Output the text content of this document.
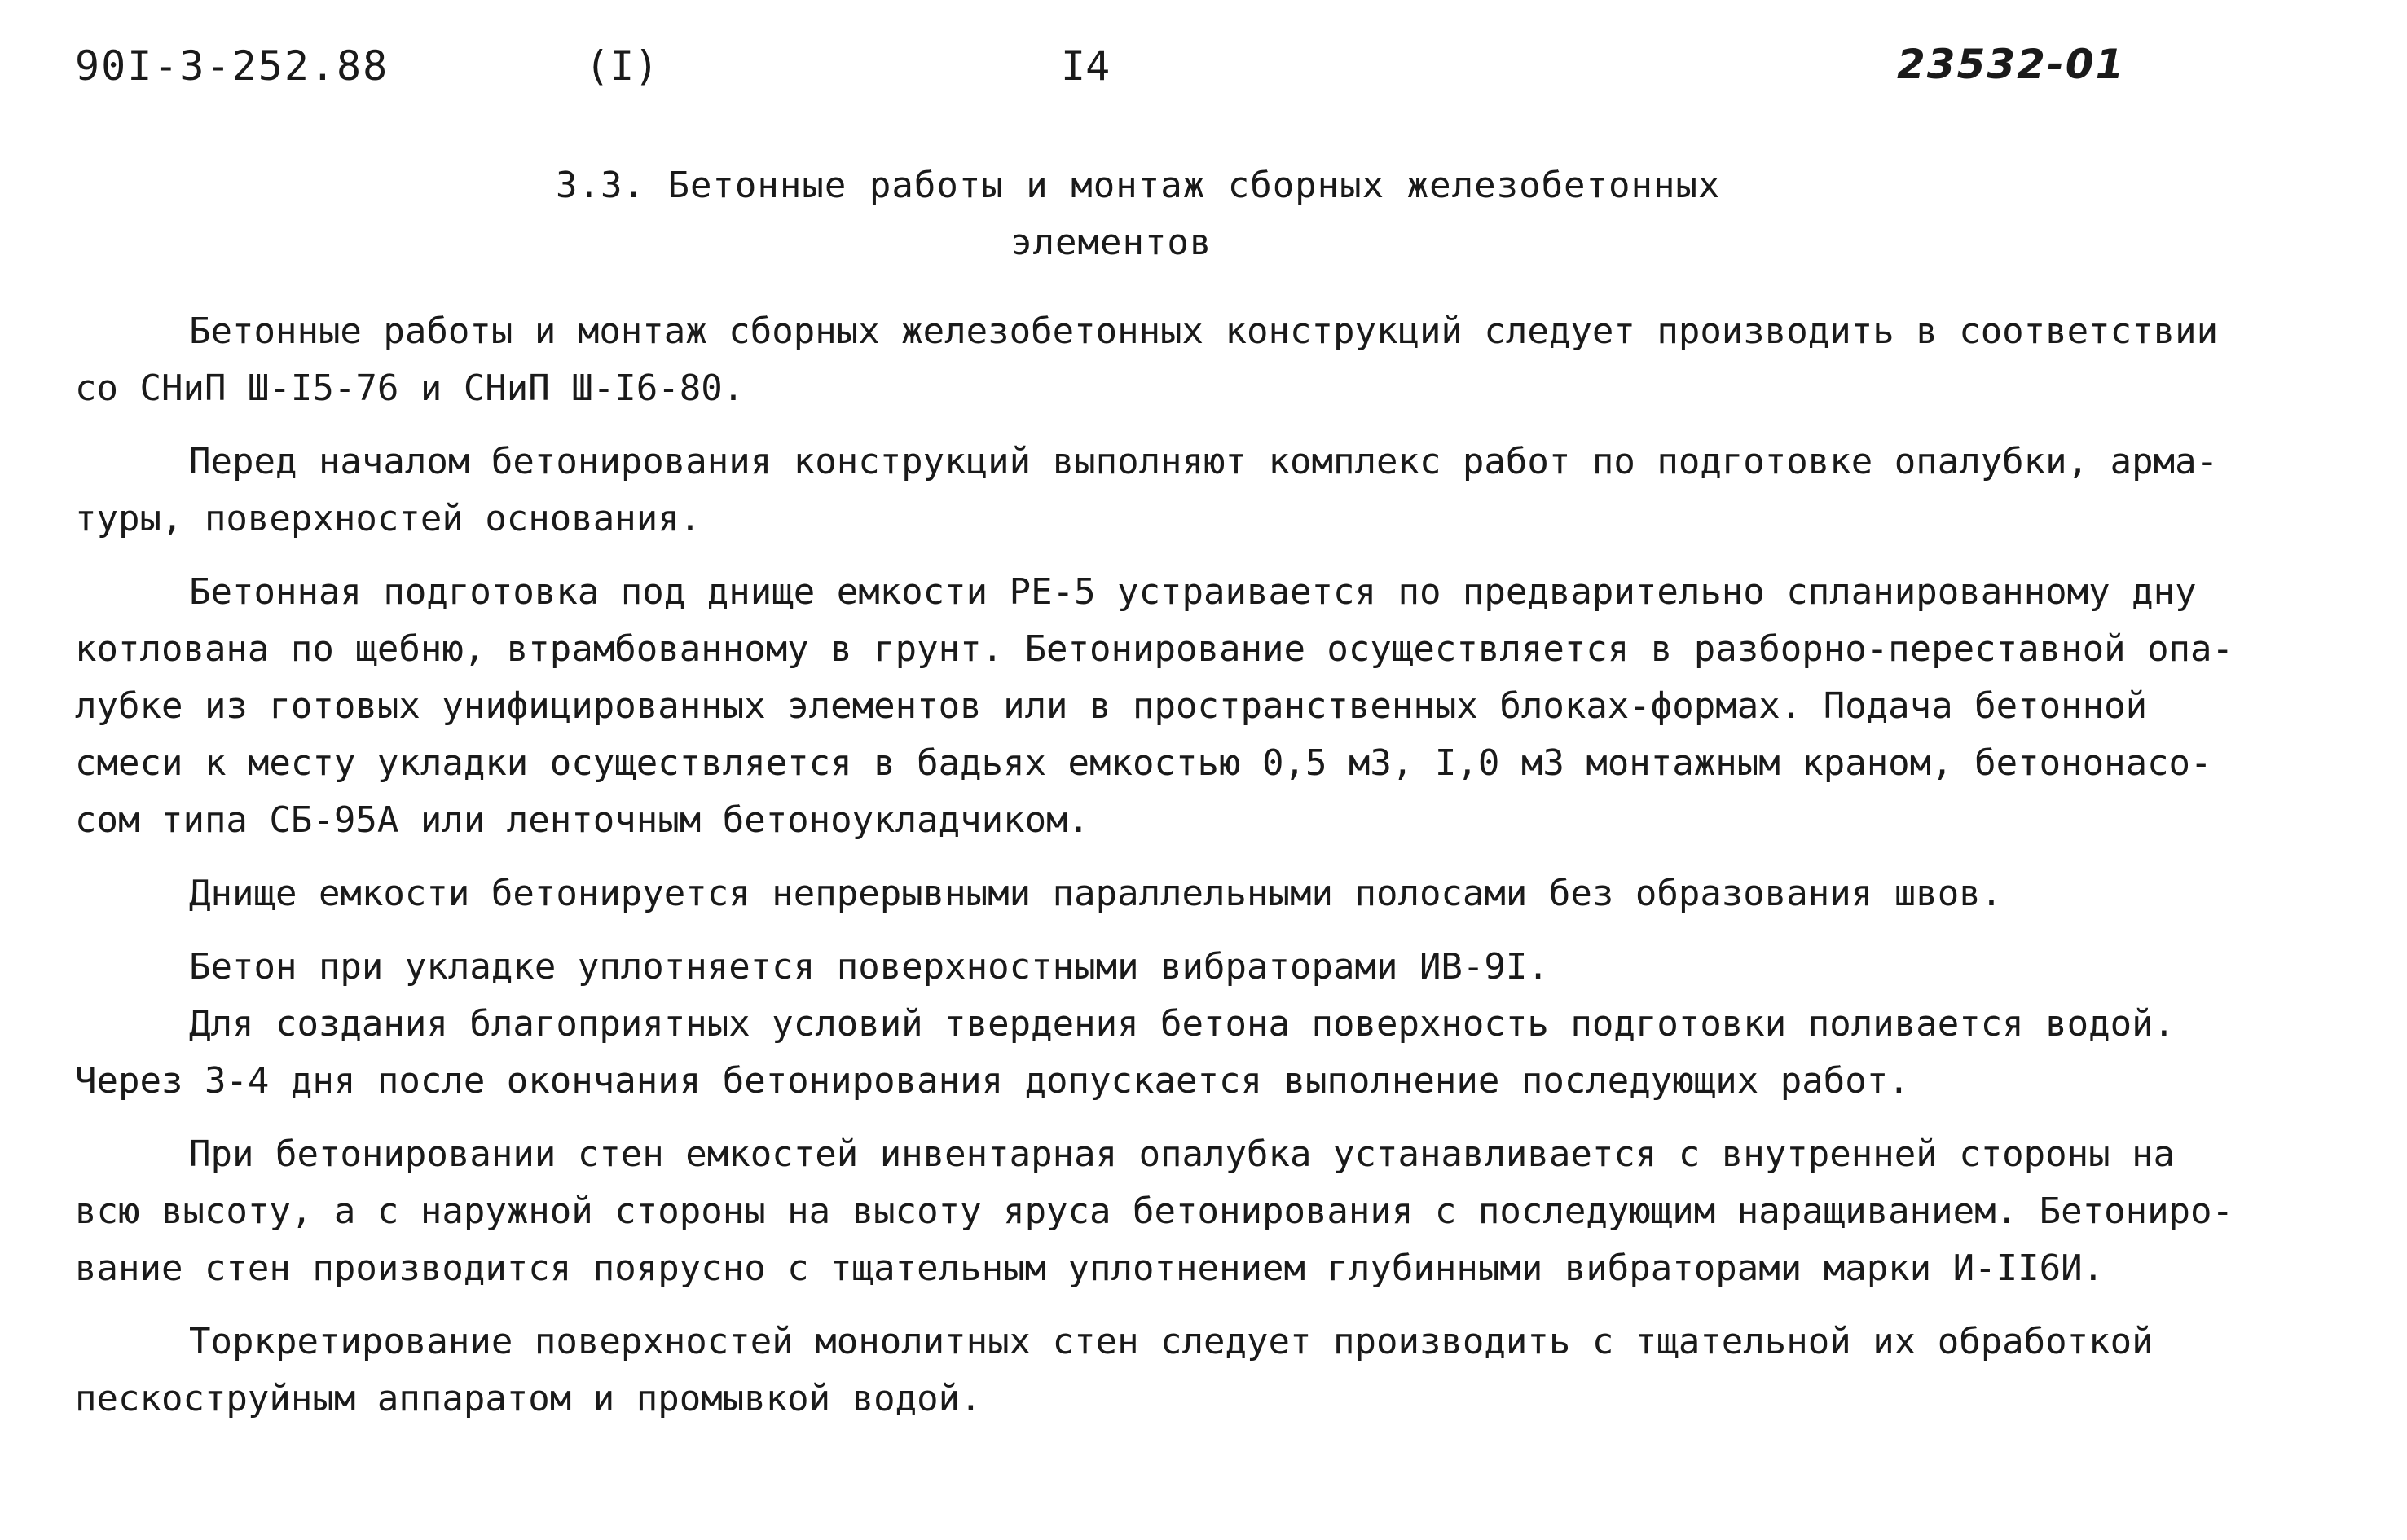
90I-3-252.88	(I)	I4	23532-01
3.3. Бетонные работы и монтаж сборных железобетонных
элементов

Бетонные работы и монтаж сборных железобетонных конструкций следует производить в соответствии
со СНиП Ш-I5-76 и СНиП Ш-I6-80.

Перед началом бетонирования конструкций выполняют комплекс работ по подготовке опалубки, арма-
туры, поверхностей основания.

Бетонная подготовка под днище емкости РЕ-5 устраивается по предварительно спланированному дну
котлована по щебню, втрамбованному в грунт. Бетонирование осуществляется в разборно-переставной опа-
лубке из готовых унифицированных элементов или в пространственных блоках-формах. Подача бетонной
смеси к месту укладки осуществляется в бадьях емкостью 0,5 м3, I,0 м3 монтажным краном, бетононасо-
сом типа СБ-95А или ленточным бетоноукладчиком.

Днище емкости бетонируется непрерывными параллельными полосами без образования швов.

Бетон при укладке уплотняется поверхностными вибраторами ИВ-9I.

Для создания благоприятных условий твердения бетона поверхность подготовки поливается водой.
Через 3-4 дня после окончания бетонирования допускается выполнение последующих работ.

При бетонировании стен емкостей инвентарная опалубка устанавливается с внутренней стороны на
всю высоту, а с наружной стороны на высоту яруса бетонирования с последующим наращиванием. Бетониро-
вание стен производится поярусно с тщательным уплотнением глубинными вибраторами марки И-II6И.

Торкретирование поверхностей монолитных стен следует производить с тщательной их обработкой
пескоструйным аппаратом и промывкой водой.
